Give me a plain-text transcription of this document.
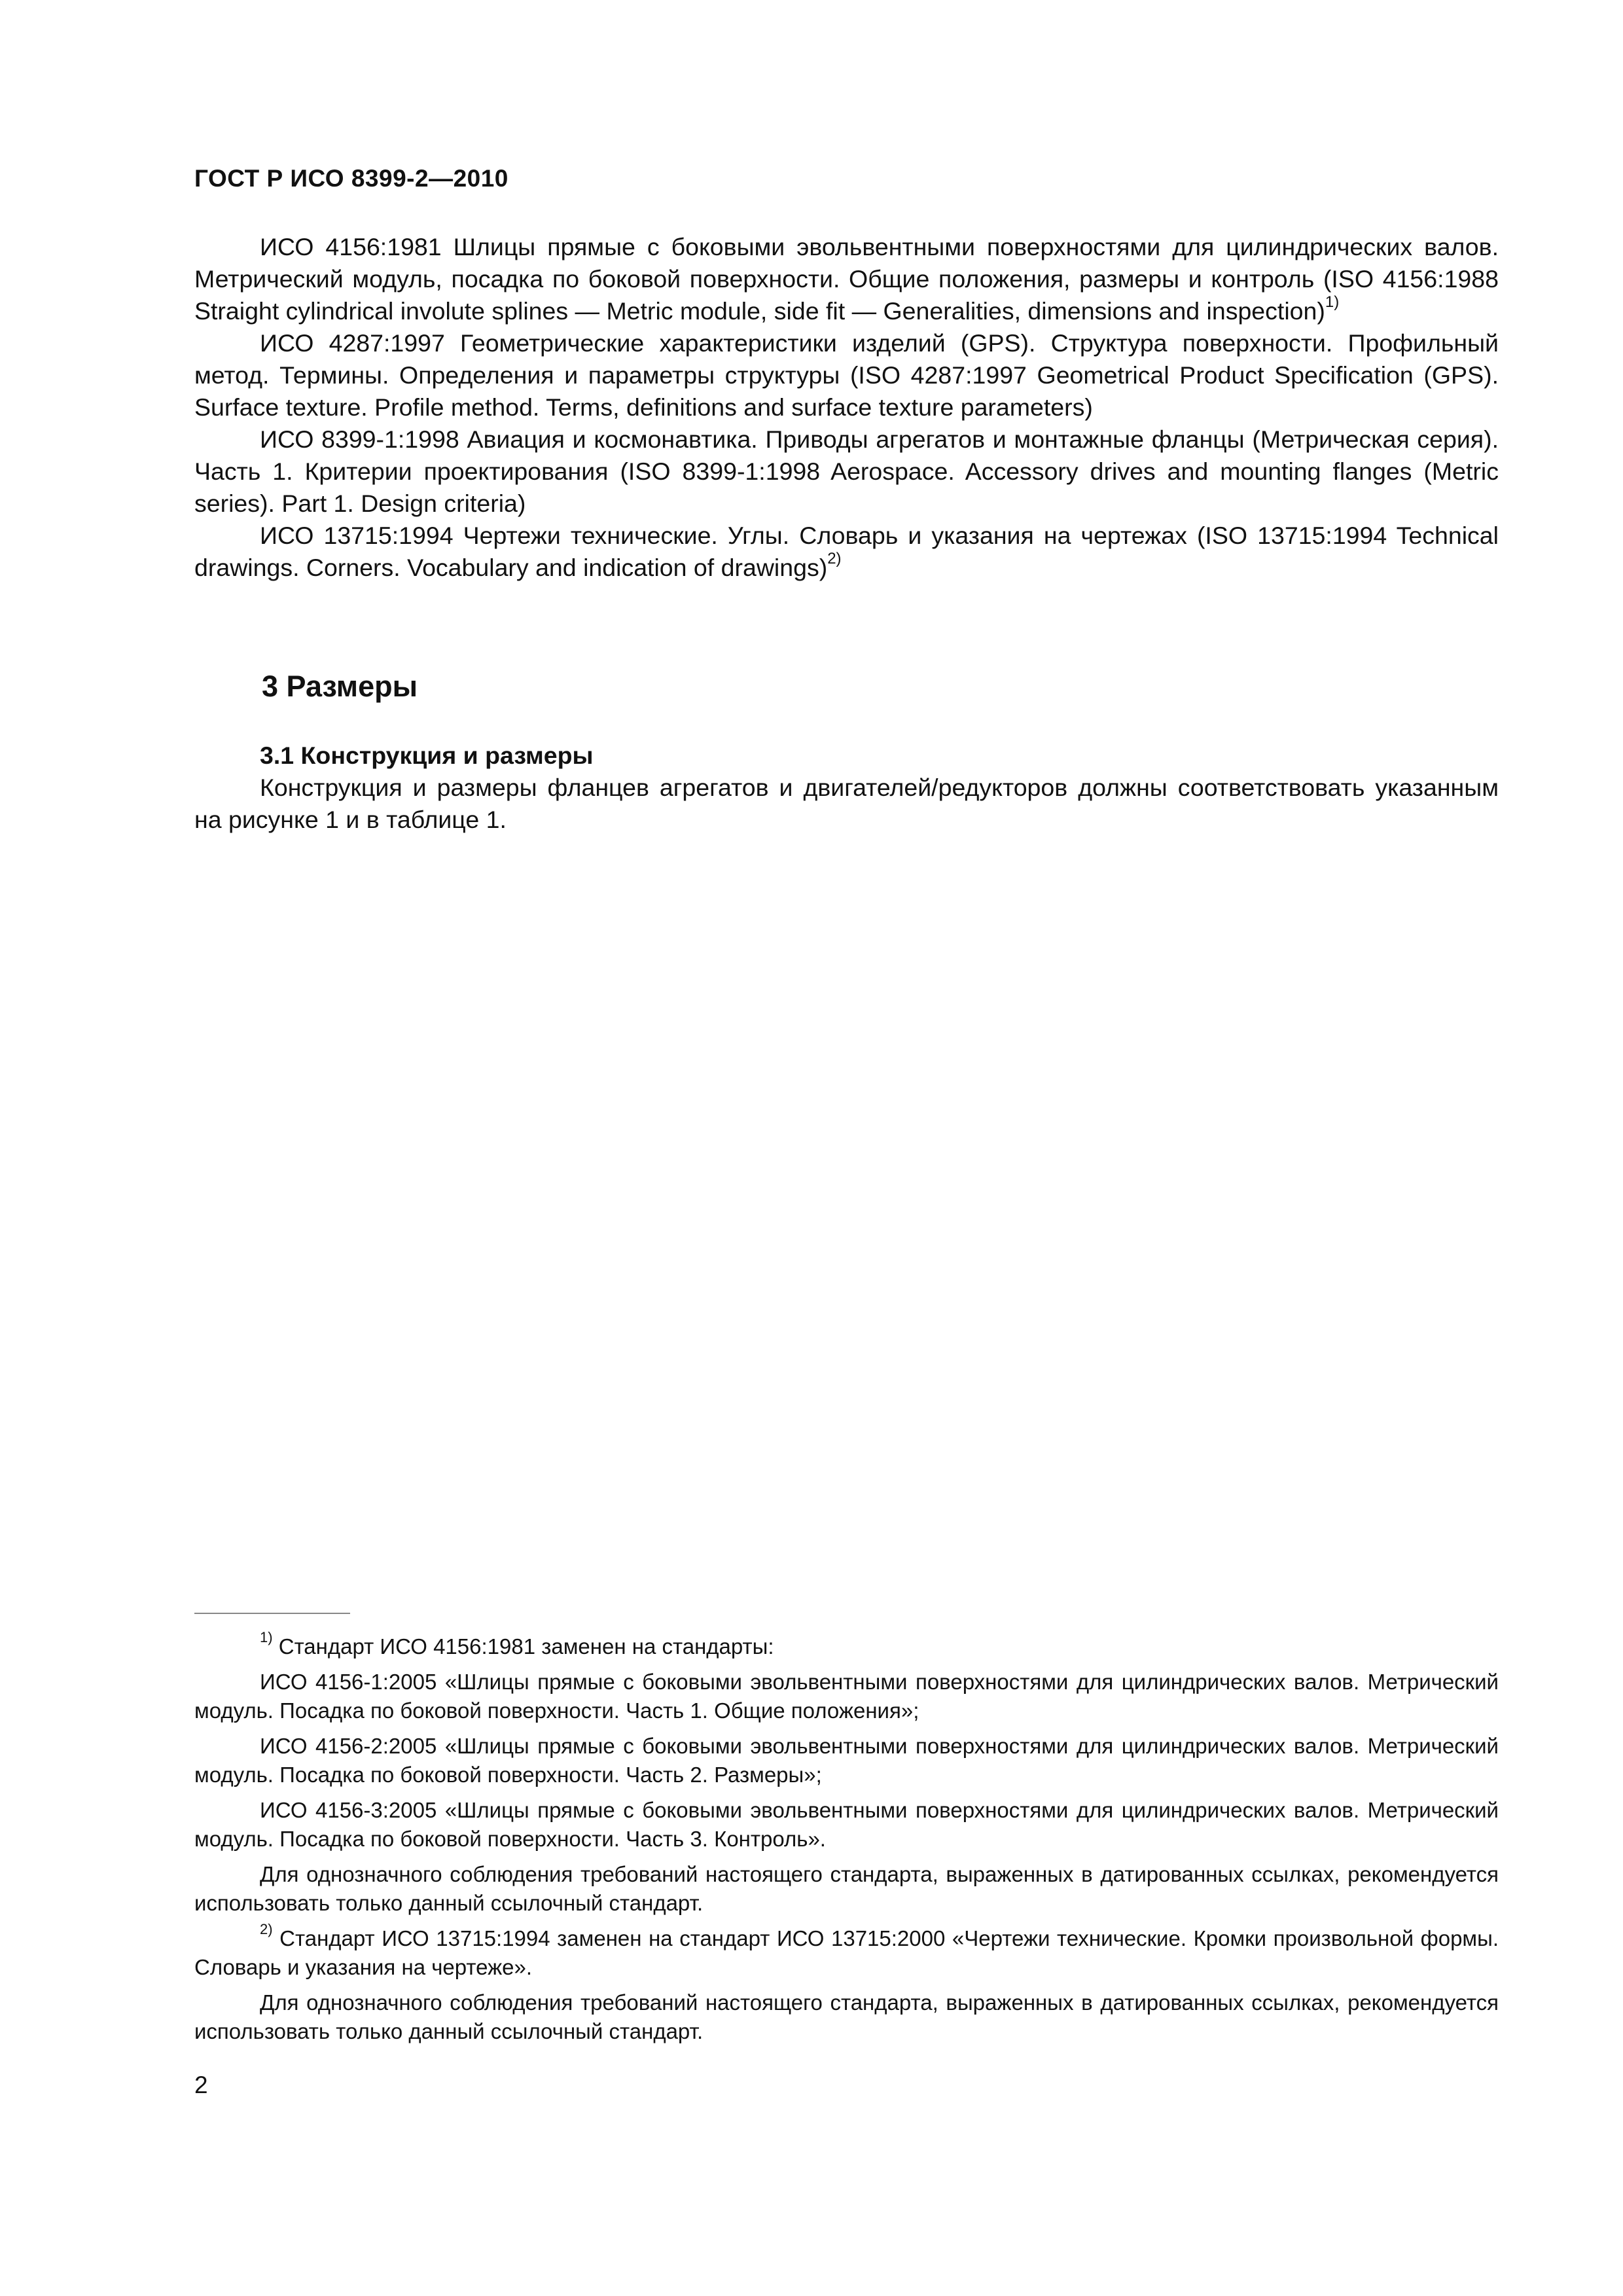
ГОСТ Р ИСО 8399-2—2010

ИСО 4156:1981 Шлицы прямые с боковыми эвольвентными поверхностями для цилиндрических валов. Метрический модуль, посадка по боковой поверхности. Общие положения, размеры и контроль (ISO 4156:1988 Straight cylindrical involute splines — Metric module, side fit — Generalities, dimensions and inspection)$^{1)}$

ИСО 4287:1997 Геометрические характеристики изделий (GPS). Структура поверхности. Профильный метод. Термины. Определения и параметры структуры (ISO 4287:1997 Geometrical Product Specification (GPS). Surface texture. Profile method. Terms, definitions and surface texture parameters)

ИСО 8399-1:1998 Авиация и космонавтика. Приводы агрегатов и монтажные фланцы (Метрическая серия). Часть 1. Критерии проектирования (ISO 8399-1:1998 Aerospace. Accessory drives and mounting flanges (Metric series). Part 1. Design criteria)

ИСО 13715:1994 Чертежи технические. Углы. Словарь и указания на чертежах (ISO 13715:1994 Technical drawings. Corners. Vocabulary and indication of drawings)$^{2)}$

3 Размеры
3.1 Конструкция и размеры

Конструкция и размеры фланцев агрегатов и двигателей/редукторов должны соответствовать указанным на рисунке 1 и в таблице 1.

$^{1)}$ Стандарт ИСО 4156:1981 заменен на стандарты:

ИСО 4156-1:2005 «Шлицы прямые с боковыми эвольвентными поверхностями для цилиндрических валов. Метрический модуль. Посадка по боковой поверхности. Часть 1. Общие положения»;

ИСО 4156-2:2005 «Шлицы прямые с боковыми эвольвентными поверхностями для цилиндрических валов. Метрический модуль. Посадка по боковой поверхности. Часть 2. Размеры»;

ИСО 4156-3:2005 «Шлицы прямые с боковыми эвольвентными поверхностями для цилиндрических валов. Метрический модуль. Посадка по боковой поверхности. Часть 3. Контроль».

Для однозначного соблюдения требований настоящего стандарта, выраженных в датированных ссылках, рекомендуется использовать только данный ссылочный стандарт.

$^{2)}$ Стандарт ИСО 13715:1994 заменен на стандарт ИСО 13715:2000 «Чертежи технические. Кромки произвольной формы. Словарь и указания на чертеже».

Для однозначного соблюдения требований настоящего стандарта, выраженных в датированных ссылках, рекомендуется использовать только данный ссылочный стандарт.

2
